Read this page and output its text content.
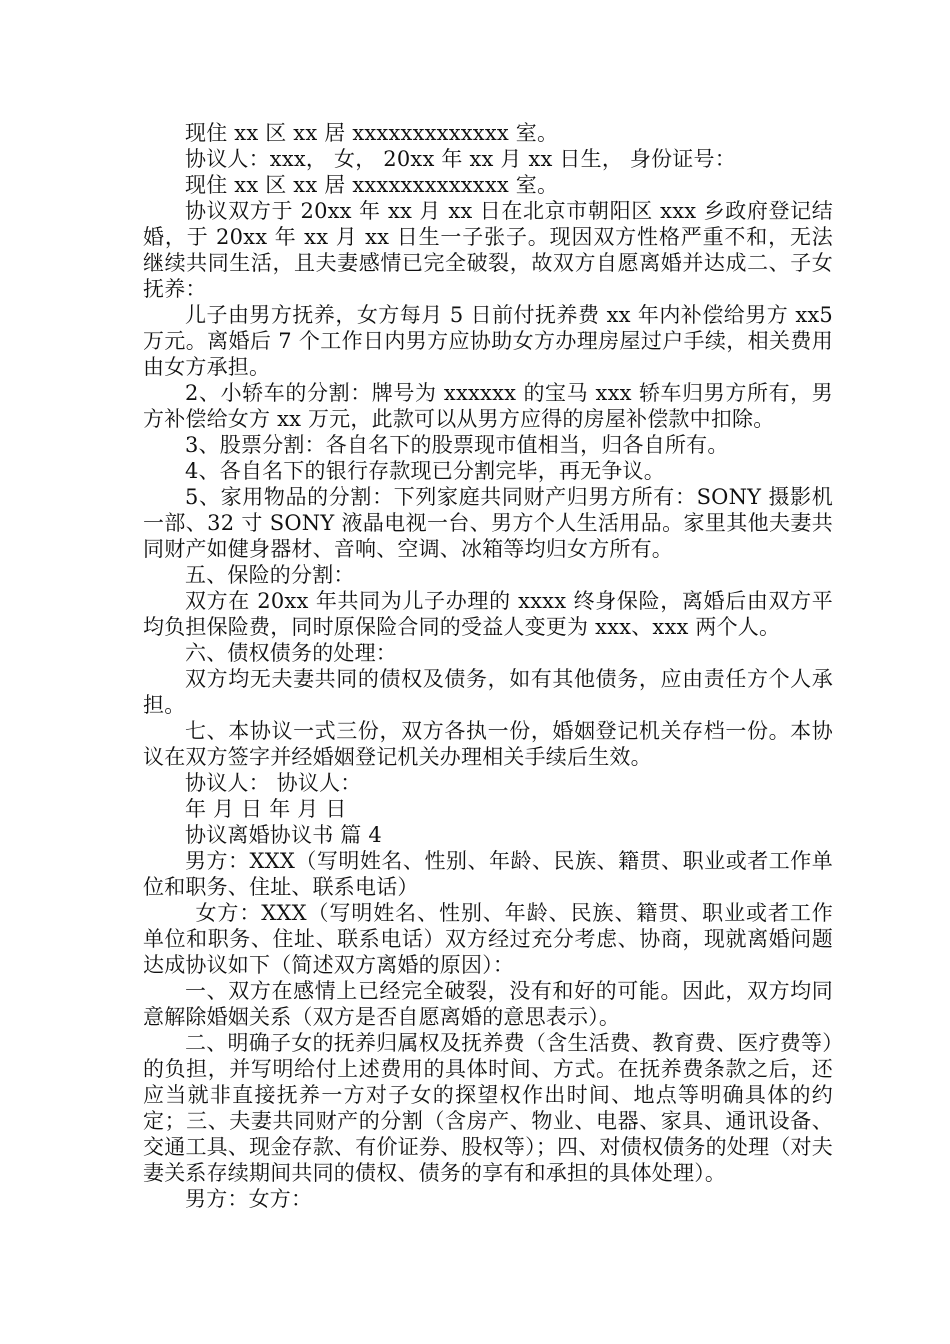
现住 xx 区 xx 居 xxxxxxxxxxxxx 室。

协议人：xxx， 女， 20xx 年 xx 月 xx 日生， 身份证号：

现住 xx 区 xx 居 xxxxxxxxxxxxx 室。

协议双方于 20xx 年 xx 月 xx 日在北京市朝阳区 xxx 乡政府登记结婚，于 20xx 年 xx 月 xx 日生一子张子。现因双方性格严重不和，无法继续共同生活，且夫妻感情已完全破裂，故双方自愿离婚并达成二、子女抚养：

儿子由男方抚养，女方每月 5 日前付抚养费 xx 年内补偿给男方 xx5 万元。离婚后 7 个工作日内男方应协助女方办理房屋过户手续，相关费用由女方承担。

2、小轿车的分割：牌号为 xxxxxx 的宝马 xxx 轿车归男方所有，男方补偿给女方 xx 万元，此款可以从男方应得的房屋补偿款中扣除。

3、股票分割：各自名下的股票现市值相当，归各自所有。

4、各自名下的银行存款现已分割完毕，再无争议。

5、家用物品的分割：下列家庭共同财产归男方所有：SONY 摄影机一部、32 寸 SONY 液晶电视一台、男方个人生活用品。家里其他夫妻共同财产如健身器材、音响、空调、冰箱等均归女方所有。

五、保险的分割：

双方在 20xx 年共同为儿子办理的 xxxx 终身保险，离婚后由双方平均负担保险费，同时原保险合同的受益人变更为 xxx、xxx 两个人。

六、债权债务的处理：

双方均无夫妻共同的债权及债务，如有其他债务，应由责任方个人承担。

七、本协议一式三份，双方各执一份，婚姻登记机关存档一份。本协议在双方签字并经婚姻登记机关办理相关手续后生效。

协议人： 协议人：

年 月 日 年 月 日

协议离婚协议书 篇 4

男方：XXX（写明姓名、性别、年龄、民族、籍贯、职业或者工作单位和职务、住址、联系电话）

女方：XXX（写明姓名、性别、年龄、民族、籍贯、职业或者工作单位和职务、住址、联系电话）双方经过充分考虑、协商，现就离婚问题达成协议如下（简述双方离婚的原因）：

一、双方在感情上已经完全破裂，没有和好的可能。因此，双方均同意解除婚姻关系（双方是否自愿离婚的意思表示）。

二、明确子女的抚养归属权及抚养费（含生活费、教育费、医疗费等）的负担，并写明给付上述费用的具体时间、方式。在抚养费条款之后，还应当就非直接抚养一方对子女的探望权作出时间、地点等明确具体的约定；三、夫妻共同财产的分割（含房产、物业、电器、家具、通讯设备、交通工具、现金存款、有价证券、股权等）；四、对债权债务的处理（对夫妻关系存续期间共同的债权、债务的享有和承担的具体处理）。

男方：女方：
